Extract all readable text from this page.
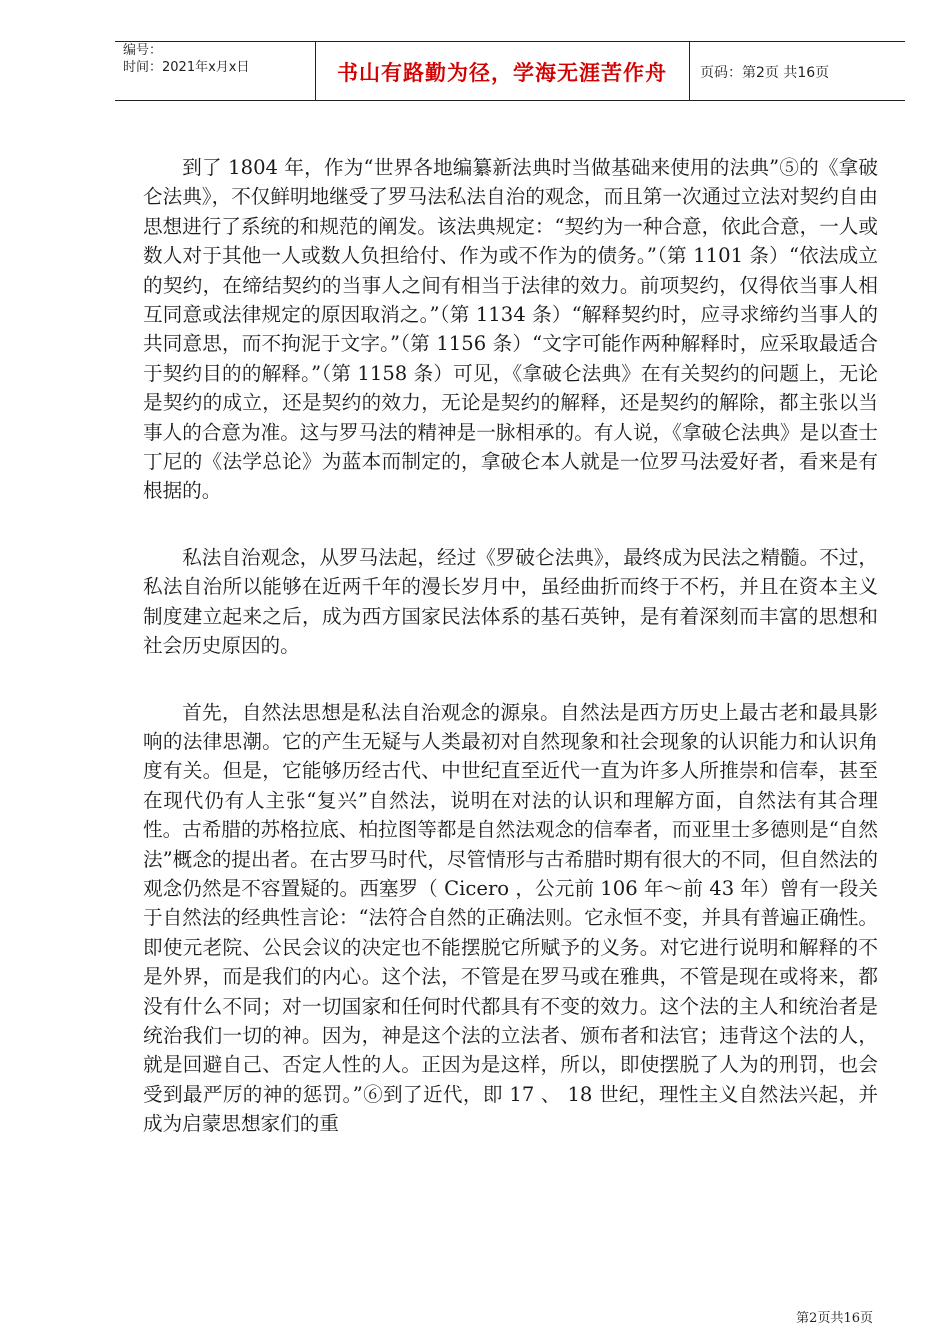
编号：
时间：2021年x月x日	书山有路勤为径，学海无涯苦作舟	页码：第2页 共16页

到了 1804 年，作为“世界各地编纂新法典时当做基础来使用的法典”⑤的《拿破仑法典》，不仅鲜明地继受了罗马法私法自治的观念，而且第一次通过立法对契约自由思想进行了系统的和规范的阐发。该法典规定：“契约为一种合意，依此合意，一人或数人对于其他一人或数人负担给付、作为或不作为的债务。”（第 1101 条）“依法成立的契约，在缔结契约的当事人之间有相当于法律的效力。前项契约，仅得依当事人相互同意或法律规定的原因取消之。”（第 1134 条）“解释契约时，应寻求缔约当事人的共同意思，而不拘泥于文字。”（第 1156 条）“文字可能作两种解释时，应采取最适合于契约目的的解释。”（第 1158 条）可见，《拿破仑法典》在有关契约的问题上，无论是契约的成立，还是契约的效力，无论是契约的解释，还是契约的解除，都主张以当事人的合意为准。这与罗马法的精神是一脉相承的。有人说，《拿破仑法典》是以查士丁尼的《法学总论》为蓝本而制定的，拿破仑本人就是一位罗马法爱好者，看来是有根据的。

私法自治观念，从罗马法起，经过《罗破仑法典》，最终成为民法之精髓。不过，私法自治所以能够在近两千年的漫长岁月中，虽经曲折而终于不朽，并且在资本主义制度建立起来之后，成为西方国家民法体系的基石英钟，是有着深刻而丰富的思想和社会历史原因的。

首先，自然法思想是私法自治观念的源泉。自然法是西方历史上最古老和最具影响的法律思潮。它的产生无疑与人类最初对自然现象和社会现象的认识能力和认识角度有关。但是，它能够历经古代、中世纪直至近代一直为许多人所推崇和信奉，甚至在现代仍有人主张“复兴”自然法，说明在对法的认识和理解方面，自然法有其合理性。古希腊的苏格拉底、柏拉图等都是自然法观念的信奉者，而亚里士多德则是“自然法”概念的提出者。在古罗马时代，尽管情形与古希腊时期有很大的不同，但自然法的观念仍然是不容置疑的。西塞罗（ Cicero ，公元前 106 年～前 43 年）曾有一段关于自然法的经典性言论：“法符合自然的正确法则。它永恒不变，并具有普遍正确性。即使元老院、公民会议的决定也不能摆脱它所赋予的义务。对它进行说明和解释的不是外界，而是我们的内心。这个法，不管是在罗马或在雅典，不管是现在或将来，都没有什么不同；对一切国家和任何时代都具有不变的效力。这个法的主人和统治者是统治我们一切的神。因为，神是这个法的立法者、颁布者和法官；违背这个法的人，就是回避自己、否定人性的人。正因为是这样，所以，即使摆脱了人为的刑罚，也会受到最严厉的神的惩罚。”⑥到了近代，即 17 、 18 世纪，理性主义自然法兴起，并成为启蒙思想家们的重

第2页共16页
